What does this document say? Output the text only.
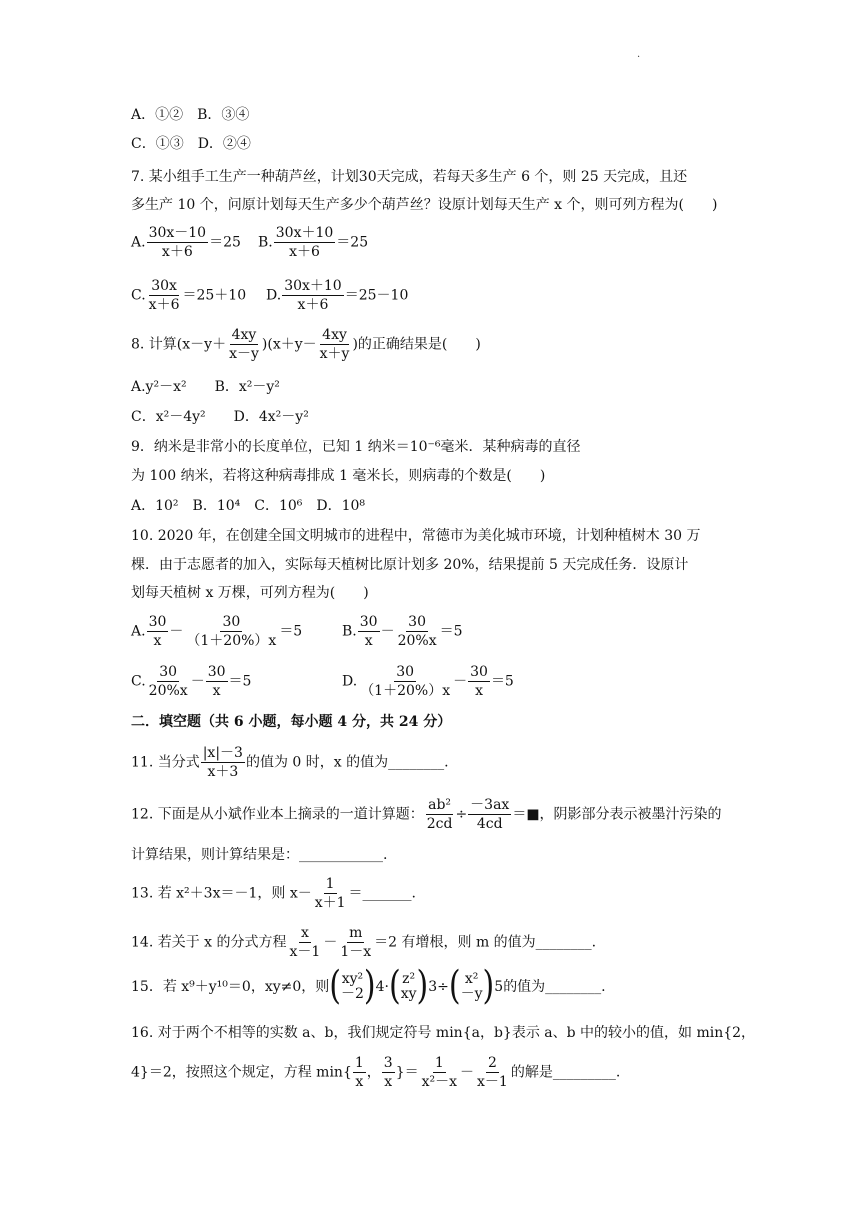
·
A．①②　B．③④
C．①③　D．②④
7. 某小组手工生产一种葫芦丝，计划30天完成，若每天多生产 6 个，则 25 天完成，且还
多生产 10 个，问原计划每天生产多少个葫芦丝？设原计划每天生产 x 个，则可列方程为(　　)
A. $\frac{30x-10}{x+6} =25$ B. $\frac{30x+10}{x+6} =25$
C. $\frac{30x}{x+6} =25+10$ D. $\frac{30x+10}{x+6} =25-10$
8. 计算$(x-y+ \frac{4xy}{x-y} )(x+y- \frac{4xy}{x+y}$ )的正确结果是(　　)
A.y²－x²　　B．x²－y²
C．x²－4y²　　D．4x²－y²
9．纳米是非常小的长度单位，已知 1 纳米＝10⁻⁶毫米．某种病毒的直径
为 100 纳米，若将这种病毒排成 1 毫米长，则病毒的个数是(　　)
A．10²　B．10⁴　C．10⁶　D．10⁸
10. 2020 年，在创建全国文明城市的进程中，常德市为美化城市环境，计划种植树木 30 万
棵．由于志愿者的加入，实际每天植树比原计划多 20%，结果提前 5 天完成任务．设原计
划每天植树 x 万棵，可列方程为(　　)
A. $\frac{30}{x} - \frac{30}{(1+20\%)x} =5$	B. $\frac{30}{x} - \frac{30}{20\%x} =5$
C. $\frac{30}{20\%x} - \frac{30}{x} =5$	D. $\frac{30}{(1+20\%)x} - \frac{30}{x} =5$
二．填空题（共 6 小题，每小题 4 分，共 24 分）
11. 当分式 $\frac{|x|-3}{x+3}$ 的值为 0 时，x 的值为________.
12. 下面是从小斌作业本上摘录的一道计算题： $\frac{\text{ab²}}{2cd} \div \frac{-3ax}{4cd}$ ＝■，阴影部分表示被墨汁污染的
计算结果，则计算结果是：____________.
13. 若 x²＋3x＝－1，则 $x- \frac{1}{x+1}$ ＝_______.
14. 若关于 x 的分式方程 $\frac{x}{x-1} - \frac{m}{1-x} =2$ 有增根，则 m 的值为________.
15．若 x⁹＋y¹⁰＝0，xy≠0，则 ( xy²
－2 ) 4 · ( z²
xy ) 3 ÷ ( x²
－y ) 5 的值为________.
16. 对于两个不相等的实数 a、b，我们规定符号 min{a，b}表示 a、b 中的较小的值，如 min{2，
4}＝2，按照这个规定，方程 $\min\{ \frac{1}{x}$ ， $\frac{3}{x}$ }＝ $\frac{1}{\text{x²－x}} - \frac{2}{x-1}$ 的解是_________.
